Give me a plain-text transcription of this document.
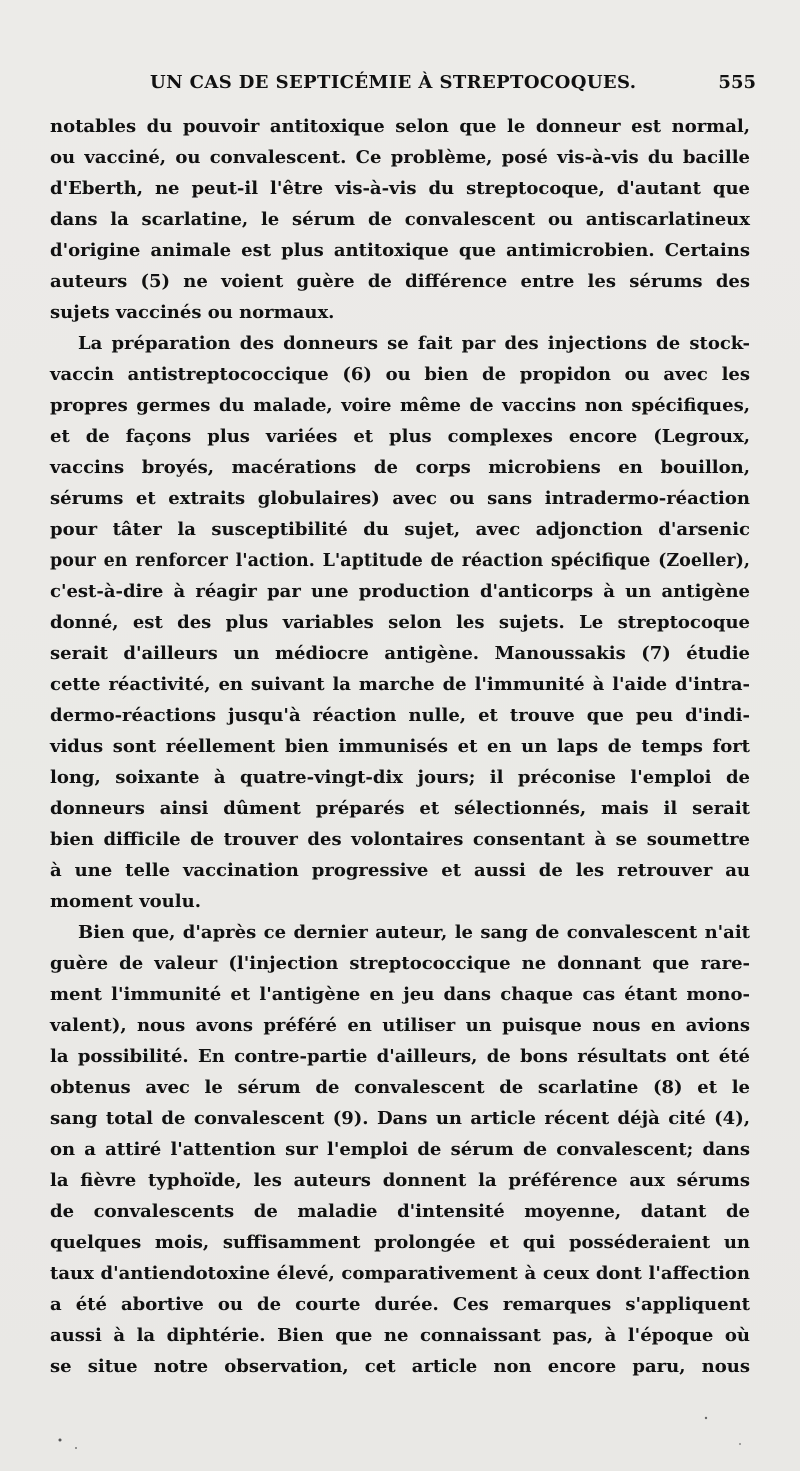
UN CAS DE SEPTICÉMIE À STREPTOCOQUES.	555
notables du pouvoir antitoxique selon que le donneur est normal,
ou vacciné, ou convalescent. Ce problème, posé vis-à-vis du bacille
d'Eberth, ne peut-il l'être vis-à-vis du streptocoque, d'autant que
dans la scarlatine, le sérum de convalescent ou antiscarlatineux
d'origine animale est plus antitoxique que antimicrobien. Certains
auteurs (5) ne voient guère de différence entre les sérums des
sujets vaccinés ou normaux.
La préparation des donneurs se fait par des injections de stock-
vaccin antistreptococcique (6) ou bien de propidon ou avec les
propres germes du malade, voire même de vaccins non spécifiques,
et de façons plus variées et plus complexes encore (Legroux,
vaccins broyés, macérations de corps microbiens en bouillon,
sérums et extraits globulaires) avec ou sans intradermo-réaction
pour tâter la susceptibilité du sujet, avec adjonction d'arsenic
pour en renforcer l'action. L'aptitude de réaction spécifique (Zoeller),
c'est-à-dire à réagir par une production d'anticorps à un antigène
donné, est des plus variables selon les sujets. Le streptocoque
serait d'ailleurs un médiocre antigène. Manoussakis (7) étudie
cette réactivité, en suivant la marche de l'immunité à l'aide d'intra-
dermo-réactions jusqu'à réaction nulle, et trouve que peu d'indi-
vidus sont réellement bien immunisés et en un laps de temps fort
long, soixante à quatre-vingt-dix jours; il préconise l'emploi de
donneurs ainsi dûment préparés et sélectionnés, mais il serait
bien difficile de trouver des volontaires consentant à se soumettre
à une telle vaccination progressive et aussi de les retrouver au
moment voulu.
Bien que, d'après ce dernier auteur, le sang de convalescent n'ait
guère de valeur (l'injection streptococcique ne donnant que rare-
ment l'immunité et l'antigène en jeu dans chaque cas étant mono-
valent), nous avons préféré en utiliser un puisque nous en avions
la possibilité. En contre-partie d'ailleurs, de bons résultats ont été
obtenus avec le sérum de convalescent de scarlatine (8) et le
sang total de convalescent (9). Dans un article récent déjà cité (4),
on a attiré l'attention sur l'emploi de sérum de convalescent; dans
la fièvre typhoïde, les auteurs donnent la préférence aux sérums
de convalescents de maladie d'intensité moyenne, datant de
quelques mois, suffisamment prolongée et qui posséderaient un
taux d'antiendotoxine élevé, comparativement à ceux dont l'affection
a été abortive ou de courte durée. Ces remarques s'appliquent
aussi à la diphtérie. Bien que ne connaissant pas, à l'époque où
se situe notre observation, cet article non encore paru, nous
